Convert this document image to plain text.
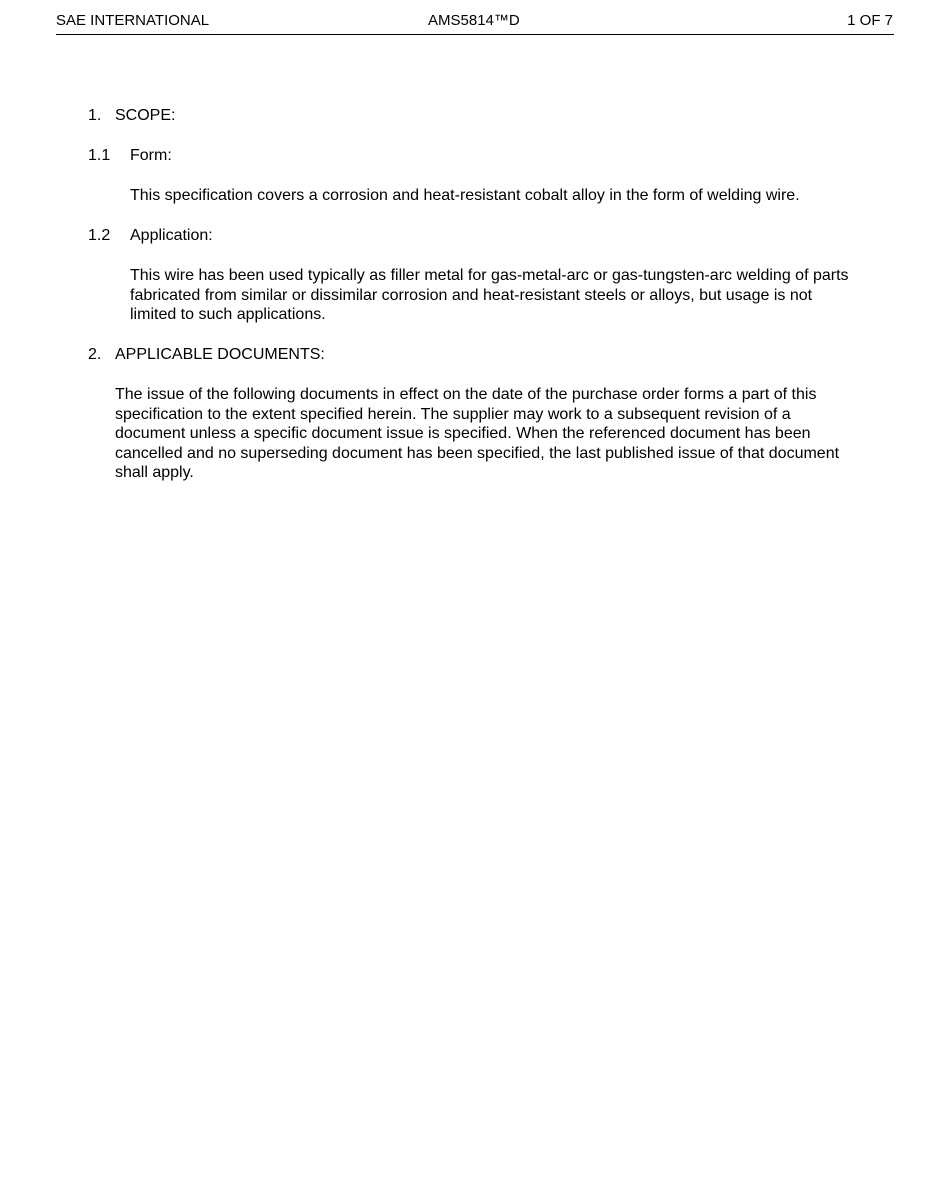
SAE INTERNATIONAL	AMS5814™D	1 OF 7
1. SCOPE:
1.1 Form:
This specification covers a corrosion and heat-resistant cobalt alloy in the form of welding wire.
1.2 Application:
This wire has been used typically as filler metal for gas-metal-arc or gas-tungsten-arc welding of parts fabricated from similar or dissimilar corrosion and heat-resistant steels or alloys, but usage is not limited to such applications.
2. APPLICABLE DOCUMENTS:
The issue of the following documents in effect on the date of the purchase order forms a part of this specification to the extent specified herein. The supplier may work to a subsequent revision of a document unless a specific document issue is specified. When the referenced document has been cancelled and no superseding document has been specified, the last published issue of that document shall apply.
